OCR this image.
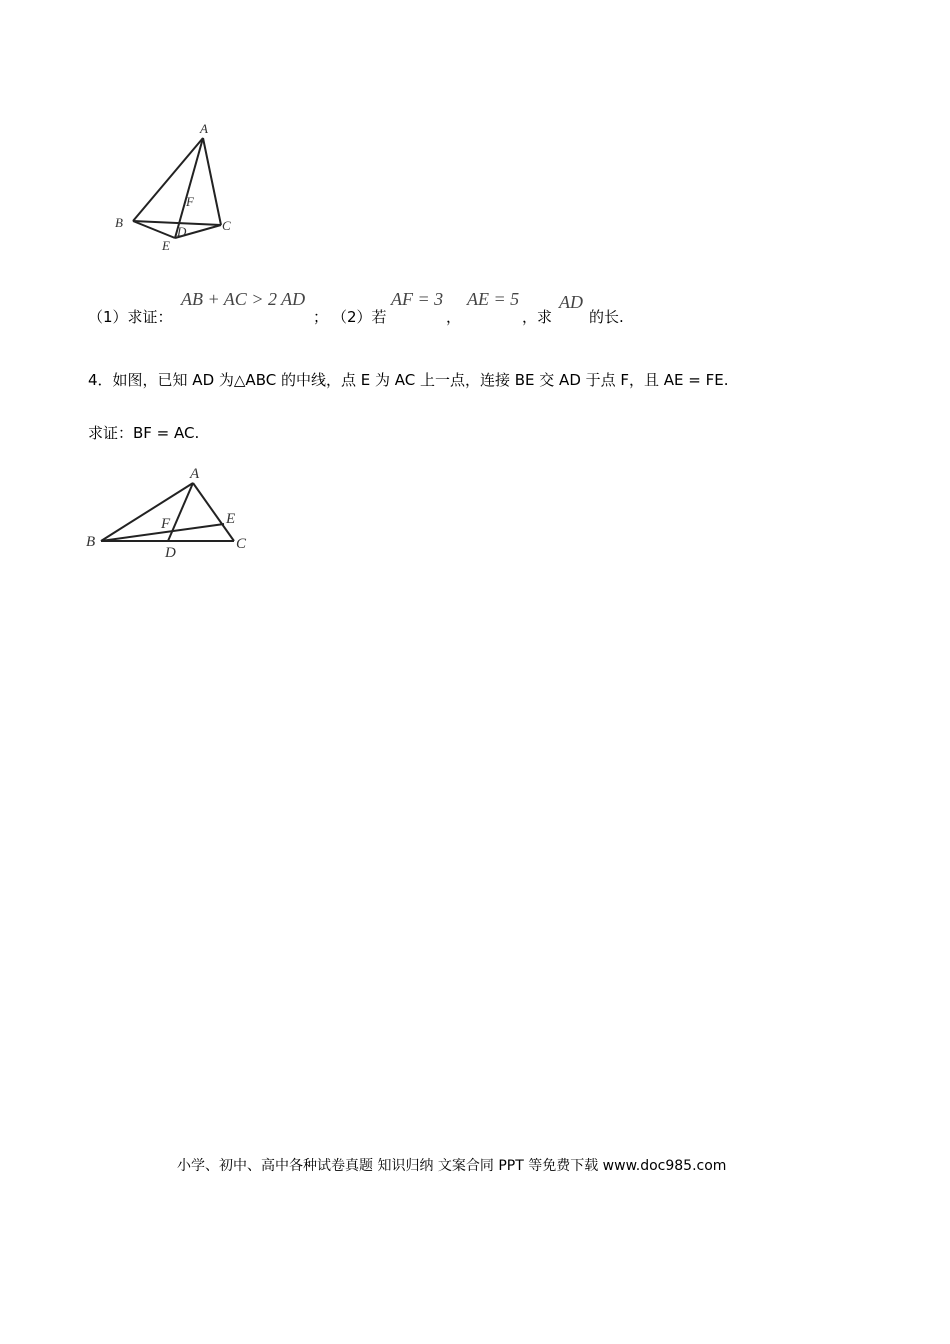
A
B	C
D
E
F
（1）求证：
AB + AC > 2 AD
； （2）若
AF = 3
，
AE = 5
，求
AD
的长.
4．如图，已知 AD 为△ABC 的中线，点 E 为 AC 上一点，连接 BE 交 AD 于点 F，且 AE = FE.
求证：BF = AC.
A
B	C
D
E
F
小学、初中、高中各种试卷真题 知识归纳 文案合同 PPT 等免费下载 www.doc985.com
